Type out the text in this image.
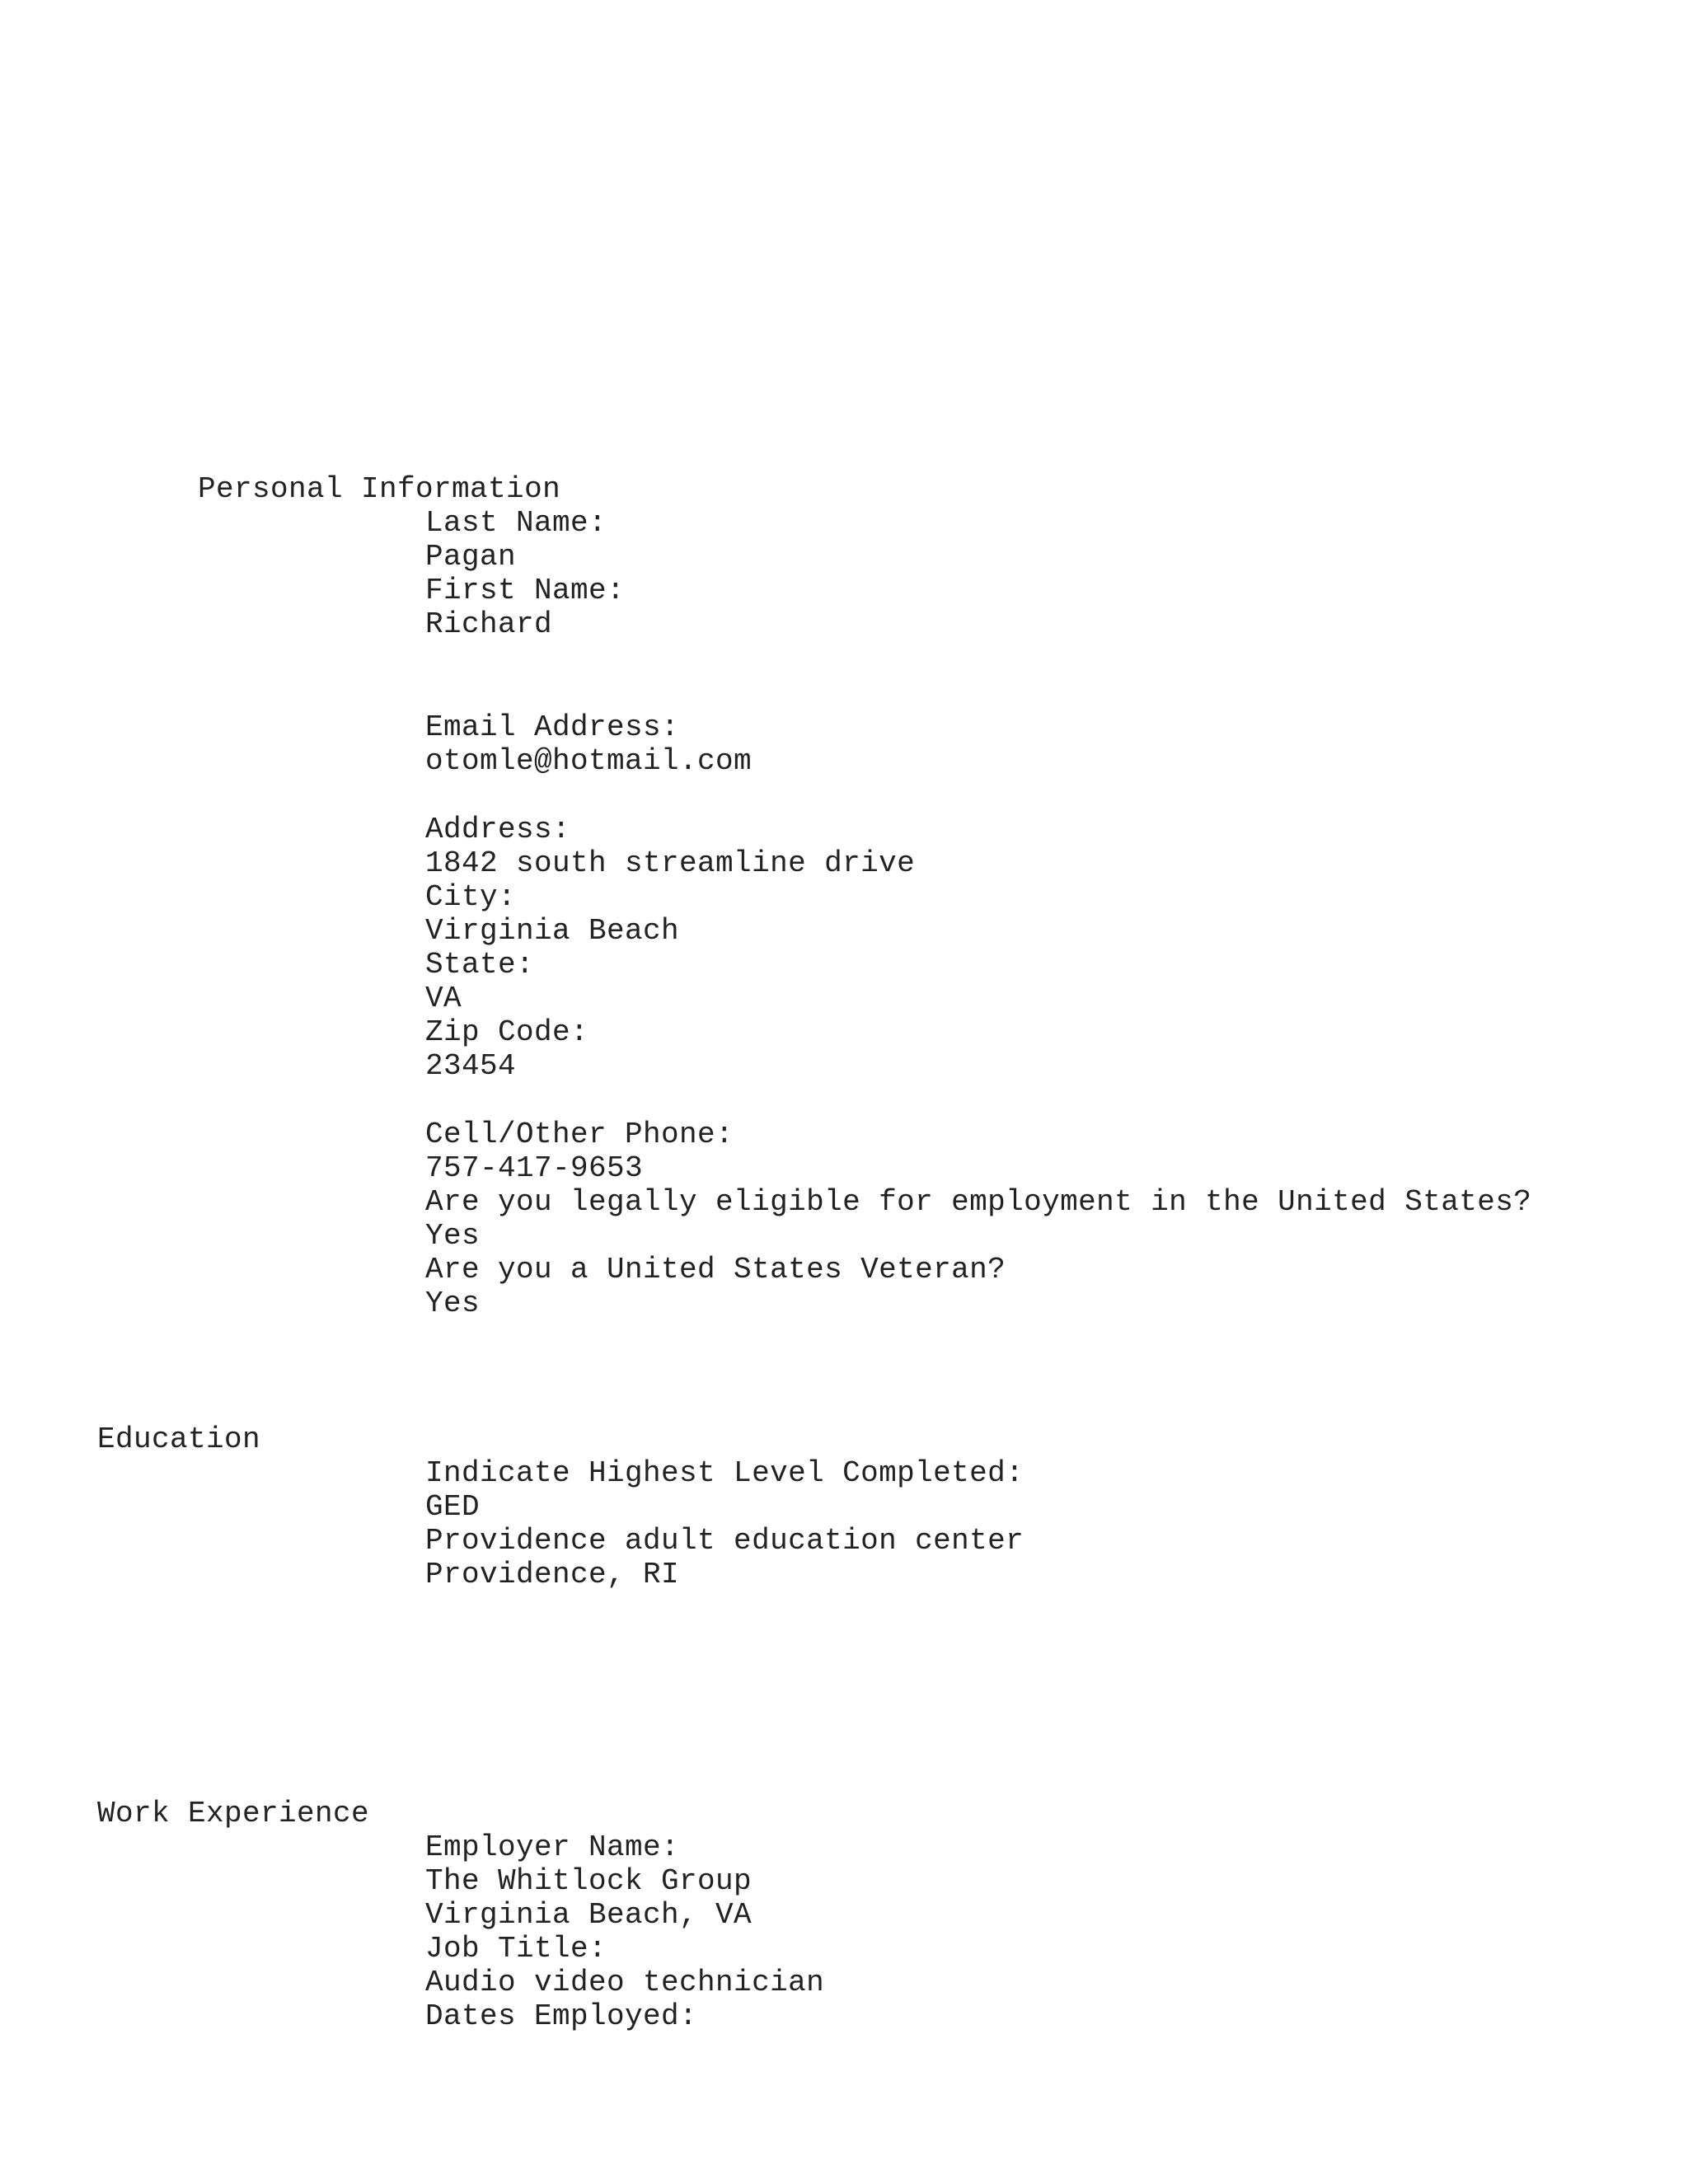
Personal Information
Last Name:
Pagan
First Name:
Richard
Email Address:
otomle@hotmail.com
Address:
1842 south streamline drive
City:
Virginia Beach
State:
VA
Zip Code:
23454
Cell/Other Phone:
757-417-9653
Are you legally eligible for employment in the United States?
Yes
Are you a United States Veteran?
Yes
Education
Indicate Highest Level Completed:
GED
Providence adult education center
Providence, RI
Work Experience
Employer Name:
The Whitlock Group
Virginia Beach, VA
Job Title:
Audio video technician
Dates Employed:
